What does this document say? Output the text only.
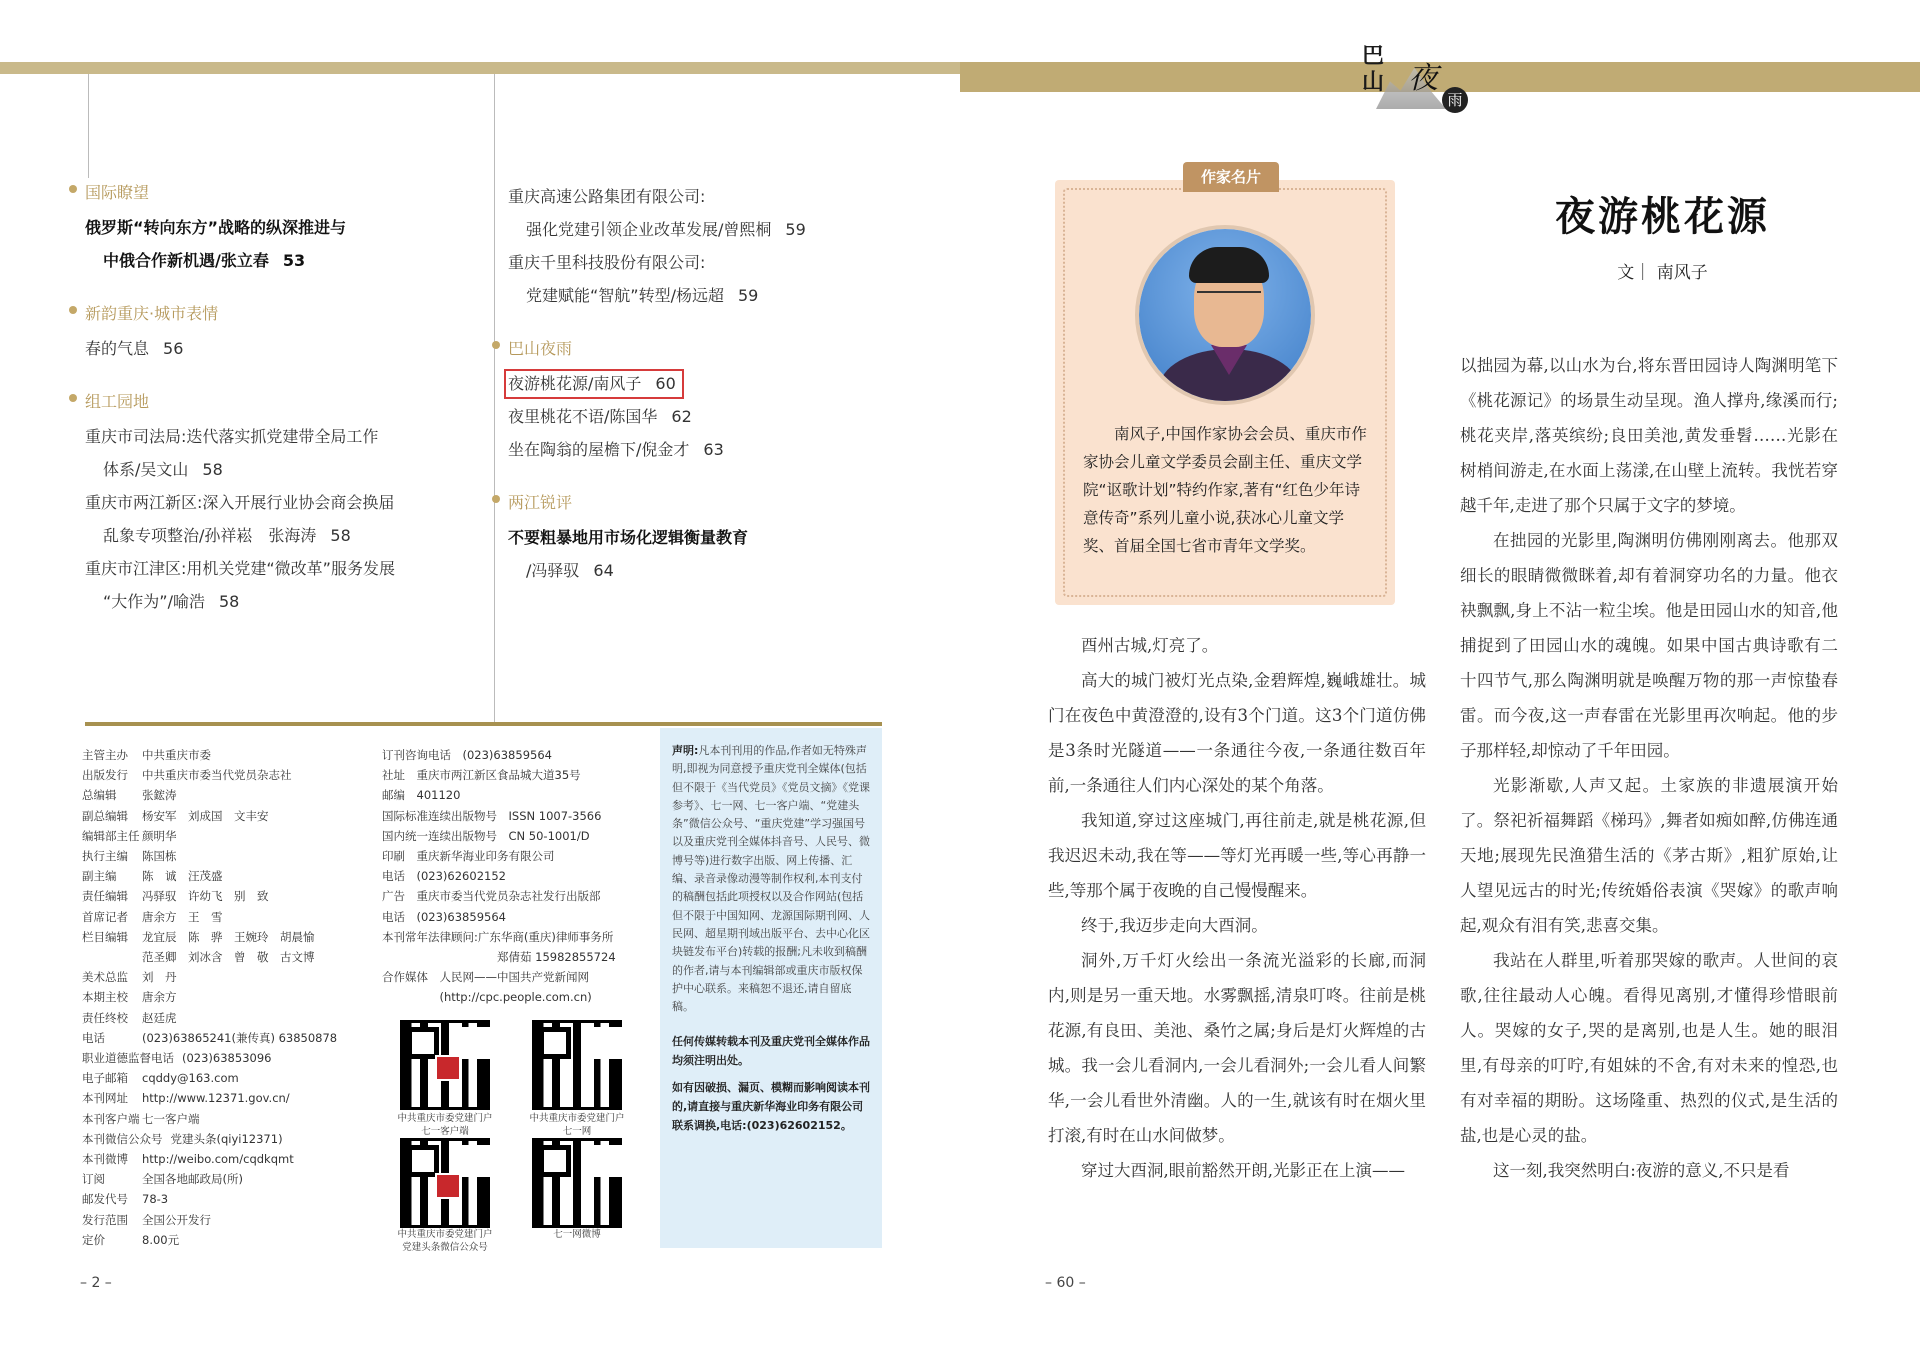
国际瞭望
俄罗斯“转向东方”战略的纵深推进与
中俄合作新机遇/张立春 53
新韵重庆·城市表情
春的气息 56
组工园地
重庆市司法局:迭代落实抓党建带全局工作
体系/吴文山 58
重庆市两江新区:深入开展行业协会商会换届
乱象专项整治/孙祥崧　张海涛 58
重庆市江津区:用机关党建“微改革”服务发展
“大作为”/喻浩 58
重庆高速公路集团有限公司:
强化党建引领企业改革发展/曾熙桐 59
重庆千里科技股份有限公司:
党建赋能“智航”转型/杨远超 59
巴山夜雨
夜游桃花源/南风子 60
夜里桃花不语/陈国华 62
坐在陶翁的屋檐下/倪金才 63
两江锐评
不要粗暴地用市场化逻辑衡量教育
/冯驿驭 64
主管主办 中共重庆市委
出版发行 中共重庆市委当代党员杂志社
总编辑 张鋐涛
副总编辑 杨安军　刘成国　文丰安
编辑部主任 颜明华
执行主编 陈国栋
副主编 陈　诚　汪茂盛
责任编辑 冯驿驭　许幼飞　别　致
首席记者 唐余方　王　雪
栏目编辑 龙宜辰　陈　骅　王婉玲　胡晨愉
范圣卿　刘冰含　曾　敬　古文博
美术总监 刘　丹
本期主校 唐余方
责任终校 赵廷虎
电话	(023)63865241(兼传真) 63850878
职业道德监督电话 (023)63853096
电子邮箱 cqddy@163.com
本刊网址 http://www.12371.gov.cn/
本刊客户端 七一客户端
本刊微信公众号 党建头条(qiyi12371)
本刊微博 http://weibo.com/cqdkqmt
订阅	全国各地邮政局(所)
邮发代号 78-3
发行范围 全国公开发行
定价	8.00元
订刊咨询电话　(023)63859564
社址　重庆市两江新区食品城大道35号
邮编　401120
国际标准连续出版物号　ISSN 1007-3566
国内统一连续出版物号　CN 50-1001/D
印刷　重庆新华海业印务有限公司
电话　(023)62602152
广告　重庆市委当代党员杂志社发行出版部
电话　(023)63859564
本刊常年法律顾问:广东华商(重庆)律师事务所
　　　　　　　　　　郑倩茹 15982855724
合作媒体　人民网——中国共产党新闻网
　　　　　(http://cpc.people.com.cn)
中共重庆市委党建门户
七一客户端
中共重庆市委党建门户
七一网
中共重庆市委党建门户
党建头条微信公众号
七一网微博
声明:凡本刊刊用的作品,作者如无特殊声明,即视为同意授予重庆党刊全媒体(包括但不限于《当代党员》《党员文摘》《党课参考》、七一网、七一客户端、“党建头条”微信公众号、“重庆党建”学习强国号以及重庆党刊全媒体抖音号、人民号、微博号等)进行数字出版、网上传播、汇编、录音录像动漫等制作权利,本刊支付的稿酬包括此项授权以及合作网站(包括但不限于中国知网、龙源国际期刊网、人民网、超星期刊域出版平台、去中心化区块链发布平台)转载的报酬;凡未收到稿酬的作者,请与本刊编辑部或重庆市版权保护中心联系。来稿恕不退还,请自留底稿。
任何传媒转载本刊及重庆党刊全媒体作品均须注明出处。
如有因破损、漏页、模糊而影响阅读本刊的,请直接与重庆新华海业印务有限公司联系调换,电话:(023)62602152。
– 2 –
巴
山 夜
雨
作家名片
南风子,中国作家协会会员、重庆市作家协会儿童文学委员会副主任、重庆文学院“讴歌计划”特约作家,著有“红色少年诗意传奇”系列儿童小说,获冰心儿童文学奖、首届全国七省市青年文学奖。
夜游桃花源
文｜ 南风子

酉州古城,灯亮了。

高大的城门被灯光点染,金碧辉煌,巍峨雄壮。城门在夜色中黄澄澄的,设有3个门道。这3个门道仿佛是3条时光隧道——一条通往今夜,一条通往数百年前,一条通往人们内心深处的某个角落。

我知道,穿过这座城门,再往前走,就是桃花源,但我迟迟未动,我在等——等灯光再暖一些,等心再静一些,等那个属于夜晚的自己慢慢醒来。

终于,我迈步走向大酉洞。

洞外,万千灯火绘出一条流光溢彩的长廊,而洞内,则是另一重天地。水雾飘摇,清泉叮咚。往前是桃花源,有良田、美池、桑竹之属;身后是灯火辉煌的古城。我一会儿看洞内,一会儿看洞外;一会儿看人间繁华,一会儿看世外清幽。人的一生,就该有时在烟火里打滚,有时在山水间做梦。

穿过大酉洞,眼前豁然开朗,光影正在上演——

以拙园为幕,以山水为台,将东晋田园诗人陶渊明笔下《桃花源记》的场景生动呈现。渔人撑舟,缘溪而行;桃花夹岸,落英缤纷;良田美池,黄发垂髫……光影在树梢间游走,在水面上荡漾,在山壁上流转。我恍若穿越千年,走进了那个只属于文字的梦境。

在拙园的光影里,陶渊明仿佛刚刚离去。他那双细长的眼睛微微眯着,却有着洞穿功名的力量。他衣袂飘飘,身上不沾一粒尘埃。他是田园山水的知音,他捕捉到了田园山水的魂魄。如果中国古典诗歌有二十四节气,那么陶渊明就是唤醒万物的那一声惊蛰春雷。而今夜,这一声春雷在光影里再次响起。他的步子那样轻,却惊动了千年田园。

光影渐歇,人声又起。土家族的非遗展演开始了。祭祀祈福舞蹈《梯玛》,舞者如痴如醉,仿佛连通天地;展现先民渔猎生活的《茅古斯》,粗犷原始,让人望见远古的时光;传统婚俗表演《哭嫁》的歌声响起,观众有泪有笑,悲喜交集。

我站在人群里,听着那哭嫁的歌声。人世间的哀歌,往往最动人心魄。看得见离别,才懂得珍惜眼前人。哭嫁的女子,哭的是离别,也是人生。她的眼泪里,有母亲的叮咛,有姐妹的不舍,有对未来的惶恐,也有对幸福的期盼。这场隆重、热烈的仪式,是生活的盐,也是心灵的盐。

这一刻,我突然明白:夜游的意义,不只是看

– 60 –
